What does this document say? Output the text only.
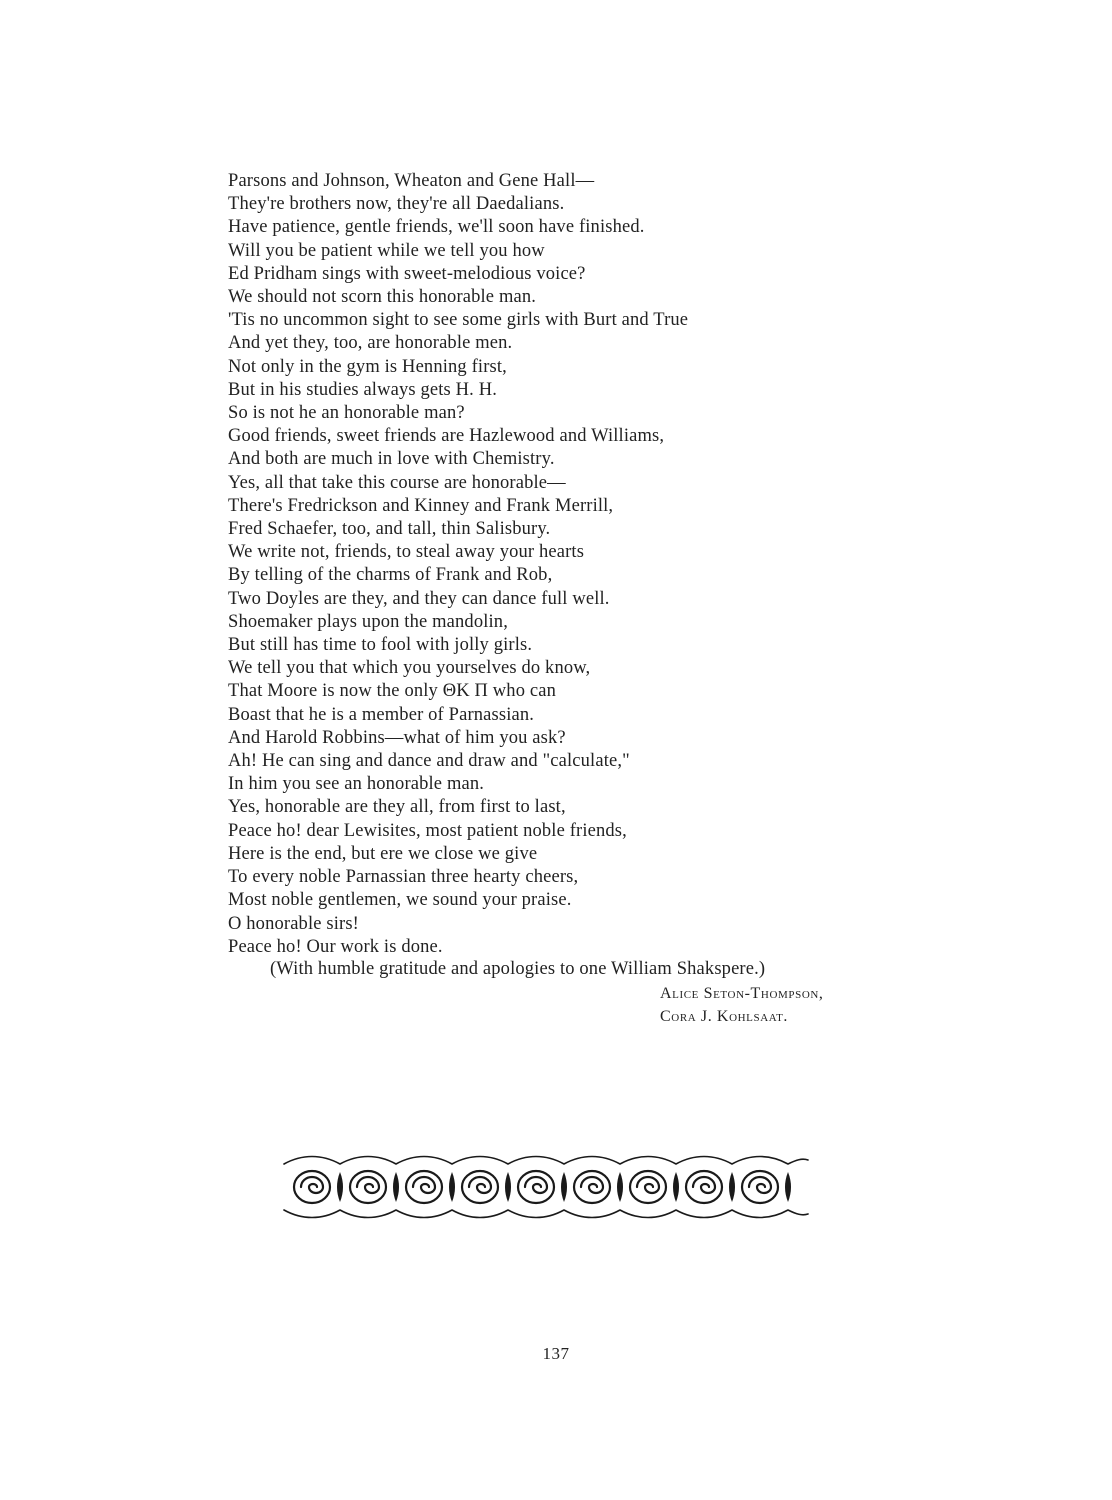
Parsons and Johnson, Wheaton and Gene Hall—
They're brothers now, they're all Daedalians.
Have patience, gentle friends, we'll soon have finished.
Will you be patient while we tell you how
Ed Pridham sings with sweet-melodious voice?
We should not scorn this honorable man.
'Tis no uncommon sight to see some girls with Burt and True
And yet they, too, are honorable men.
Not only in the gym is Henning first,
But in his studies always gets H. H.
So is not he an honorable man?
Good friends, sweet friends are Hazlewood and Williams,
And both are much in love with Chemistry.
Yes, all that take this course are honorable—
There's Fredrickson and Kinney and Frank Merrill,
Fred Schaefer, too, and tall, thin Salisbury.
We write not, friends, to steal away your hearts
By telling of the charms of Frank and Rob,
Two Doyles are they, and they can dance full well.
Shoemaker plays upon the mandolin,
But still has time to fool with jolly girls.
We tell you that which you yourselves do know,
That Moore is now the only ΘΚ Π who can
Boast that he is a member of Parnassian.
And Harold Robbins—what of him you ask?
Ah! He can sing and dance and draw and "calculate,"
In him you see an honorable man.
Yes, honorable are they all, from first to last,
Peace ho! dear Lewisites, most patient noble friends,
Here is the end, but ere we close we give
To every noble Parnassian three hearty cheers,
Most noble gentlemen, we sound your praise.
O honorable sirs!
Peace ho! Our work is done.
(With humble gratitude and apologies to one William Shakspere.)
Alice Seton-Thompson,
Cora J. Kohlsaat.
137
